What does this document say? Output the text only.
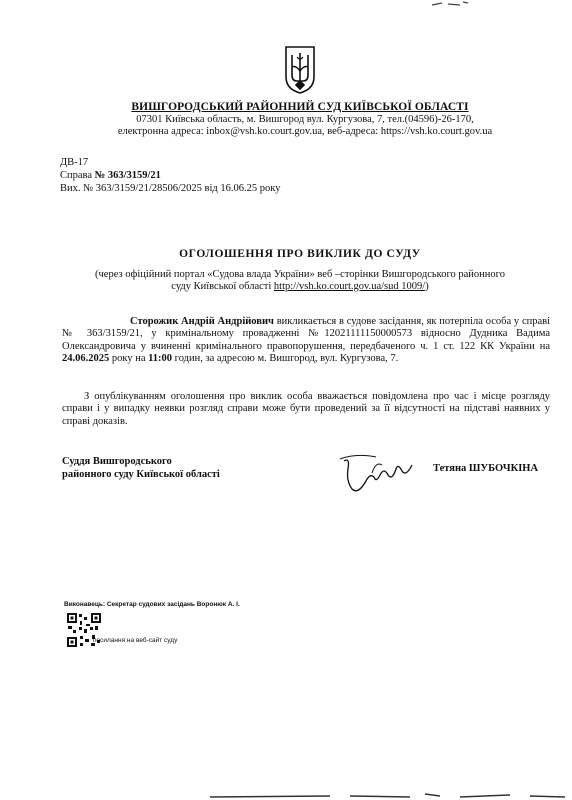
ВИШГОРОДСЬКИЙ РАЙОННИЙ СУД КИЇВСЬКОЇ ОБЛАСТІ
07301 Київська область, м. Вишгород вул. Кургузова, 7, тел.(04596)-26-170,
електронна адреса: inbox@vsh.ko.court.gov.ua, веб-адреса: https://vsh.ko.court.gov.ua
ДВ-17
Справа № 363/3159/21
Вих. № 363/3159/21/28506/2025 від 16.06.25 року
ОГОЛОШЕННЯ ПРО ВИКЛИК ДО СУДУ
(через офіційний портал «Судова влада України» веб –сторінки Вишгородського районного
суду Київської області http://vsh.ko.court.gov.ua/sud 1009/)
Сторожик Андрій Андрійович викликається в судове засідання, як потерпіла особа у справі № 363/3159/21, у кримінальному провадженні №12021111150000573 відносно Дудника Вадима Олександровича у вчиненні кримінального правопорушення, передбаченого ч. 1 ст. 122 КК України на 24.06.2025 року на 11:00 годин, за адресою м. Вишгород, вул. Кургузова, 7.
З опублікуванням оголошення про виклик особа вважається повідомлена про час і місце розгляду справи і у випадку неявки розгляд справи може бути проведений за її відсутності на підставі наявних у справі доказів.
Суддя Вишгородського
районного суду Київської області
Тетяна ШУБОЧКІНА
Виконавець: Секретар судових засідань Воронюк А. І.
посилання на веб-сайт суду
